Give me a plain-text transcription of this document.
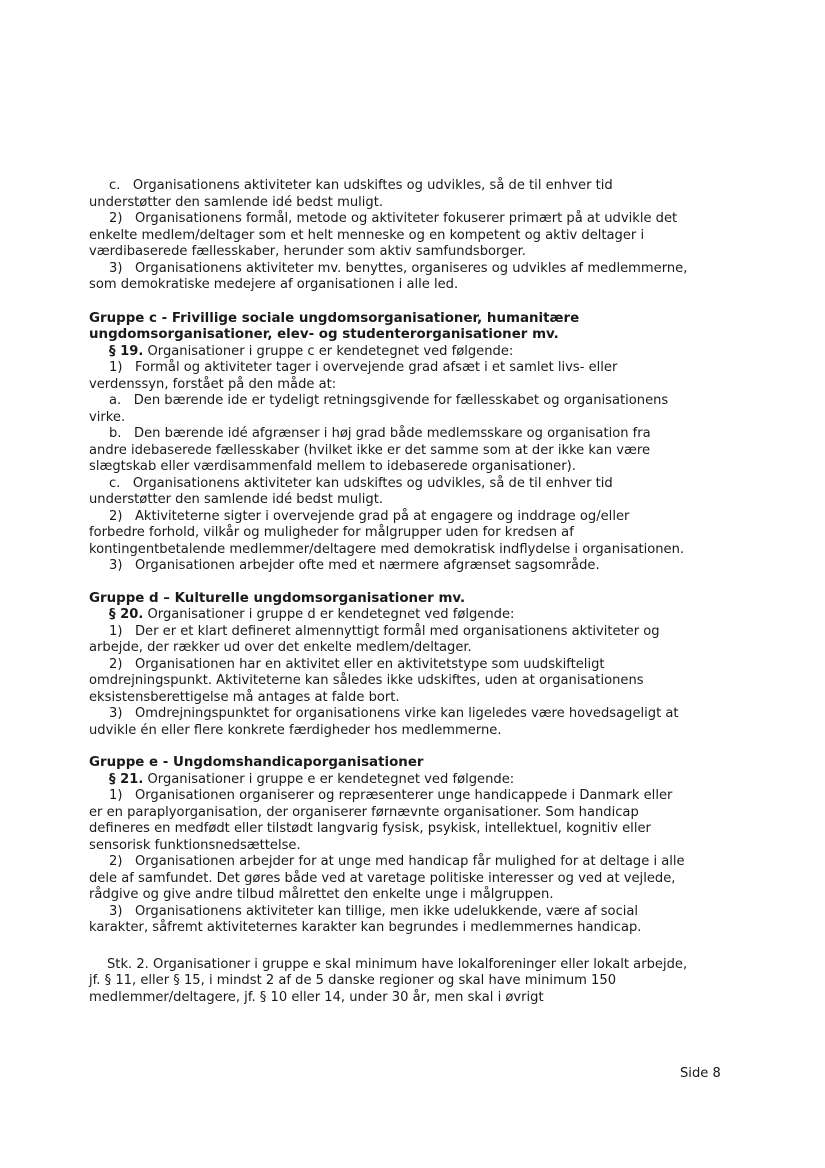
c. Organisationens aktiviteter kan udskiftes og udvikles, så de til enhver tid understøtter den samlende idé bedst muligt.

2) Organisationens formål, metode og aktiviteter fokuserer primært på at udvikle det enkelte medlem/deltager som et helt menneske og en kompetent og aktiv deltager i værdibaserede fællesskaber, herunder som aktiv samfundsborger.

3) Organisationens aktiviteter mv. benyttes, organiseres og udvikles af medlemmerne, som demokratiske medejere af organisationen i alle led.

Gruppe c - Frivillige sociale ungdomsorganisationer, humanitære ungdomsorganisationer, elev- og studenterorganisationer mv.

§ 19. Organisationer i gruppe c er kendetegnet ved følgende:

1) Formål og aktiviteter tager i overvejende grad afsæt i et samlet livs- eller verdenssyn, forstået på den måde at:

a. Den bærende ide er tydeligt retningsgivende for fællesskabet og organisationens virke.

b. Den bærende idé afgrænser i høj grad både medlemsskare og organisation fra andre idebaserede fællesskaber (hvilket ikke er det samme som at der ikke kan være slægtskab eller værdisammenfald mellem to idebaserede organisationer).

c. Organisationens aktiviteter kan udskiftes og udvikles, så de til enhver tid understøtter den samlende idé bedst muligt.

2) Aktiviteterne sigter i overvejende grad på at engagere og inddrage og/eller forbedre forhold, vilkår og muligheder for målgrupper uden for kredsen af kontingentbetalende medlemmer/deltagere med demokratisk indflydelse i organisationen.

3) Organisationen arbejder ofte med et nærmere afgrænset sagsområde.

Gruppe d – Kulturelle ungdomsorganisationer mv.

§ 20. Organisationer i gruppe d er kendetegnet ved følgende:

1) Der er et klart defineret almennyttigt formål med organisationens aktiviteter og arbejde, der rækker ud over det enkelte medlem/deltager.

2) Organisationen har en aktivitet eller en aktivitetstype som uudskifteligt omdrejningspunkt. Aktiviteterne kan således ikke udskiftes, uden at organisationens eksistensberettigelse må antages at falde bort.

3) Omdrejningspunktet for organisationens virke kan ligeledes være hovedsageligt at udvikle én eller flere konkrete færdigheder hos medlemmerne.

Gruppe e - Ungdomshandicaporganisationer

§ 21. Organisationer i gruppe e er kendetegnet ved følgende:

1) Organisationen organiserer og repræsenterer unge handicappede i Danmark eller er en paraplyorganisation, der organiserer førnævnte organisationer. Som handicap defineres en medfødt eller tilstødt langvarig fysisk, psykisk, intellektuel, kognitiv eller sensorisk funktionsnedsættelse.

2) Organisationen arbejder for at unge med handicap får mulighed for at deltage i alle dele af samfundet. Det gøres både ved at varetage politiske interesser og ved at vejlede, rådgive og give andre tilbud målrettet den enkelte unge i målgruppen.

3) Organisationens aktiviteter kan tillige, men ikke udelukkende, være af social karakter, såfremt aktiviteternes karakter kan begrundes i medlemmernes handicap.

Stk. 2. Organisationer i gruppe e skal minimum have lokalforeninger eller lokalt arbejde, jf. § 11, eller § 15, i mindst 2 af de 5 danske regioner og skal have minimum 150 medlemmer/deltagere, jf. § 10 eller 14, under 30 år, men skal i øvrigt

Side 8
